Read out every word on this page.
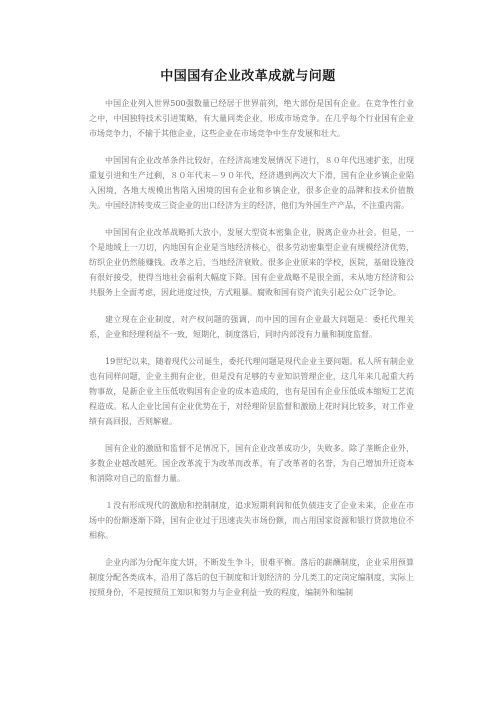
中国国有企业改革成就与问题

中国企业列入世界500强数量已经居于世界前列，绝大部份是国有企业。在竞争性行业之中，中国独特技术引进策略，有大量同类企业，形成市场竞争。在几乎每个行业国有企业市场竞争力，不输于其他企业，这些企业在市场竞争中生存发展和壮大。

中国国有企业改革条件比较好，在经济高速发展情况下进行，８０年代迅速扩张，出现重复引进和生产过剩，８０年代末－９０年代，经济遇到两次大下滑，国有企业乡镇企业陷入困境，各地大规模出售陷入困境的国有企业和乡镇企业，很多企业的品牌和技术价值散失。中国经济转变成三资企业的出口经济为主的经济，他们为外国生产产品，不注重内需。

中国国有企业改革战略抓大放小，发展大型资本密集企业，脱离企业办社会。但是，一个是地域上一刀切，内地国有企业是当地经济核心，很多劳动密集型企业有规模经济优势，纺织企业仍然能赚钱。改革之后，当地经济衰败。很多企业原来的学校，医院，基础设施没有很好接受，使得当地社会福利大幅度下降。国有企业战略不是很全面，未从地方经济和公共服务上全面考虑，因此进度过快，方式粗暴。腐败和国有资产流失引起公众广泛争论。

建立现在企业制度，对产权问题的强调，而中国的国有企业最大问题是：委托代理关系，企业和经理利益不一致，短期化，制度落后，同时内部没有力量和制度监督。

19世纪以来，随着现代公司诞生，委托代理问题是现代企业主要问题。私人所有制企业也有同样问题，企业主拥有企业，但是没有足够的专业知识管理企业，这几年来几起重大药物事故，是新企业主压低收购国有企业的成本造成的，也有是国有企业压低成本缩短工艺流程造成。私人企业比国有企业优势在于，对经理阶层监督和激励上花时间比较多，对工作业绩有高回报，否则解雇。

国有企业的激励和监督不足情况下，国有企业改革成功少，失败多。除了垄断企业外，多数企业越改越死。国企改革流于为改革而改革，有了改革者的名誉，为自己增加升迁资本和消除对自己的监督力量。

１没有形成现代的激励和控制制度，追求短期利润和低负债违支了企业未来，企业在市场中的份额逐渐下降，国有企业过于迅速丧失市场份额，而占用国家资源和银行贷款地位不相称。

企业内部为分配年度大饼，不断发生争斗，很难平衡。落后的薪酬制度，企业采用预算制度分配各类成本，沿用了落后的包干制度和计划经济的 分几类工的定岗定编制度，实际上按照身份，不是按照员工知识和努力与企业利益一致的程度，编制外和编制
